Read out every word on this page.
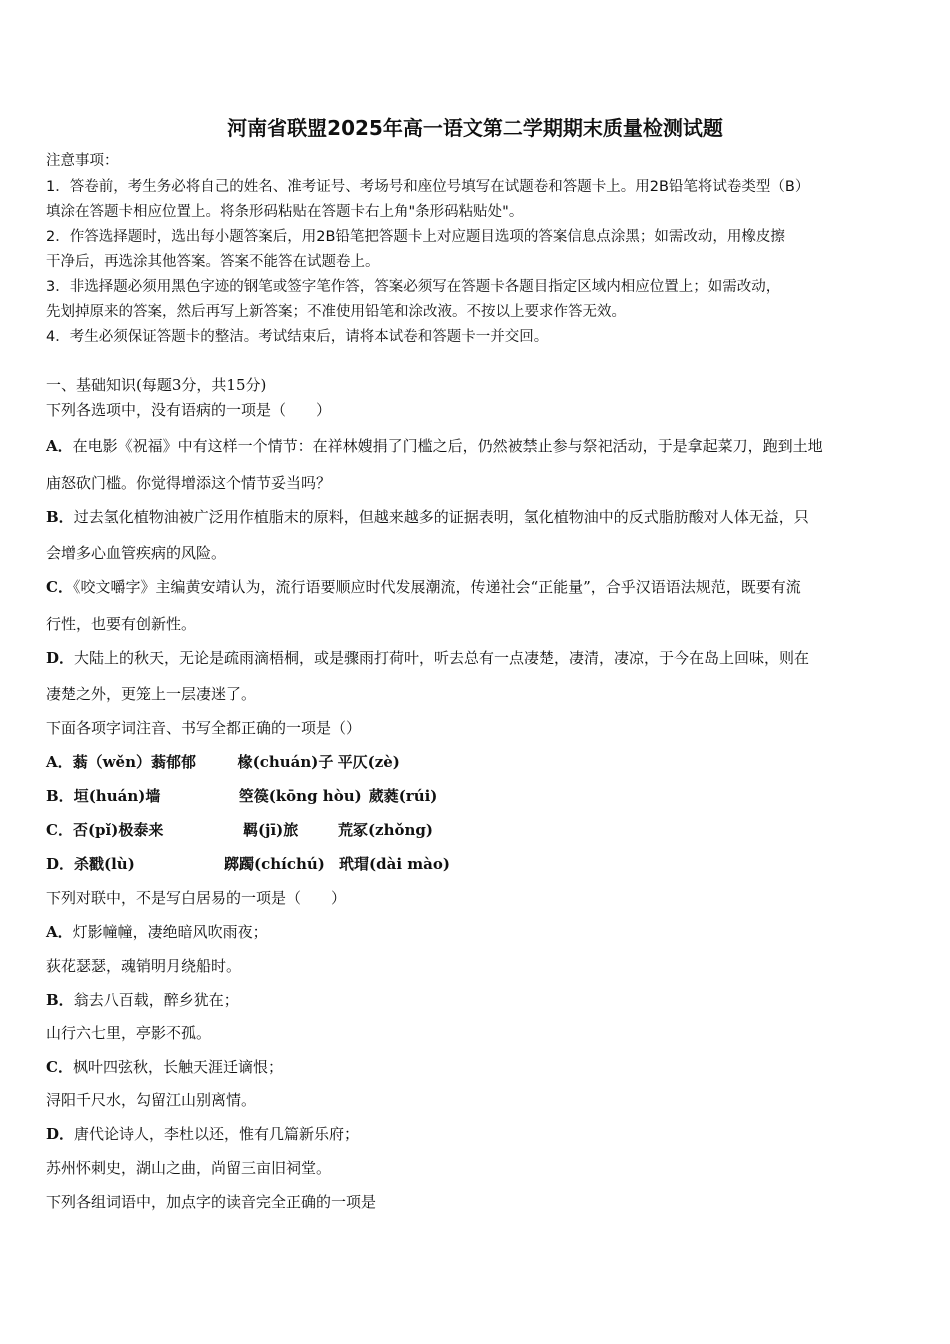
河南省联盟2025年高一语文第二学期期末质量检测试题
注意事项：
1．答卷前，考生务必将自己的姓名、准考证号、考场号和座位号填写在试题卷和答题卡上。用2B铅笔将试卷类型（B）
填涂在答题卡相应位置上。将条形码粘贴在答题卡右上角"条形码粘贴处"。
2．作答选择题时，选出每小题答案后，用2B铅笔把答题卡上对应题目选项的答案信息点涂黑；如需改动，用橡皮擦
干净后，再选涂其他答案。答案不能答在试题卷上。
3．非选择题必须用黑色字迹的钢笔或签字笔作答，答案必须写在答题卡各题目指定区域内相应位置上；如需改动，
先划掉原来的答案，然后再写上新答案；不准使用铅笔和涂改液。不按以上要求作答无效。
4．考生必须保证答题卡的整洁。考试结束后，请将本试卷和答题卡一并交回。
一、基础知识(每题3分，共15分)
下列各选项中，没有语病的一项是（　　）
A．在电影《祝福》中有这样一个情节：在祥林嫂捐了门槛之后，仍然被禁止参与祭祀活动，于是拿起菜刀，跑到土地
庙怒砍门槛。你觉得增添这个情节妥当吗？
B．过去氢化植物油被广泛用作植脂末的原料，但越来越多的证据表明，氢化植物油中的反式脂肪酸对人体无益，只
会增多心血管疾病的风险。
C．《咬文嚼字》主编黄安靖认为，流行语要顺应时代发展潮流，传递社会“正能量”，合乎汉语语法规范，既要有流
行性，也要有创新性。
D．大陆上的秋天，无论是疏雨滴梧桐，或是骤雨打荷叶，听去总有一点凄楚，凄清，凄凉，于今在岛上回味，则在
凄楚之外，更笼上一层凄迷了。
下面各项字词注音、书写全都正确的一项是（）
A．蓊（wěn）蓊郁郁	椽(chuán)子 平仄(zè)
B．垣(huán)墙	箜篌(kōng hòu) 葳蕤(rúi)
C．否(pǐ)极泰来	羁(jī)旅	荒冢(zhǒng)
D．杀戳(lù)	踯躅(chíchú) 玳瑁(dài mào)
下列对联中，不是写白居易的一项是（　　）
A．灯影幢幢，凄绝暗风吹雨夜；
荻花瑟瑟，魂销明月绕船时。
B．翁去八百载，醉乡犹在；
山行六七里，亭影不孤。
C．枫叶四弦秋，长触天涯迁谪恨；
浔阳千尺水，勾留江山别离情。
D．唐代论诗人，李杜以还，惟有几篇新乐府；
苏州怀刺史，湖山之曲，尚留三亩旧祠堂。
下列各组词语中，加点字的读音完全正确的一项是
